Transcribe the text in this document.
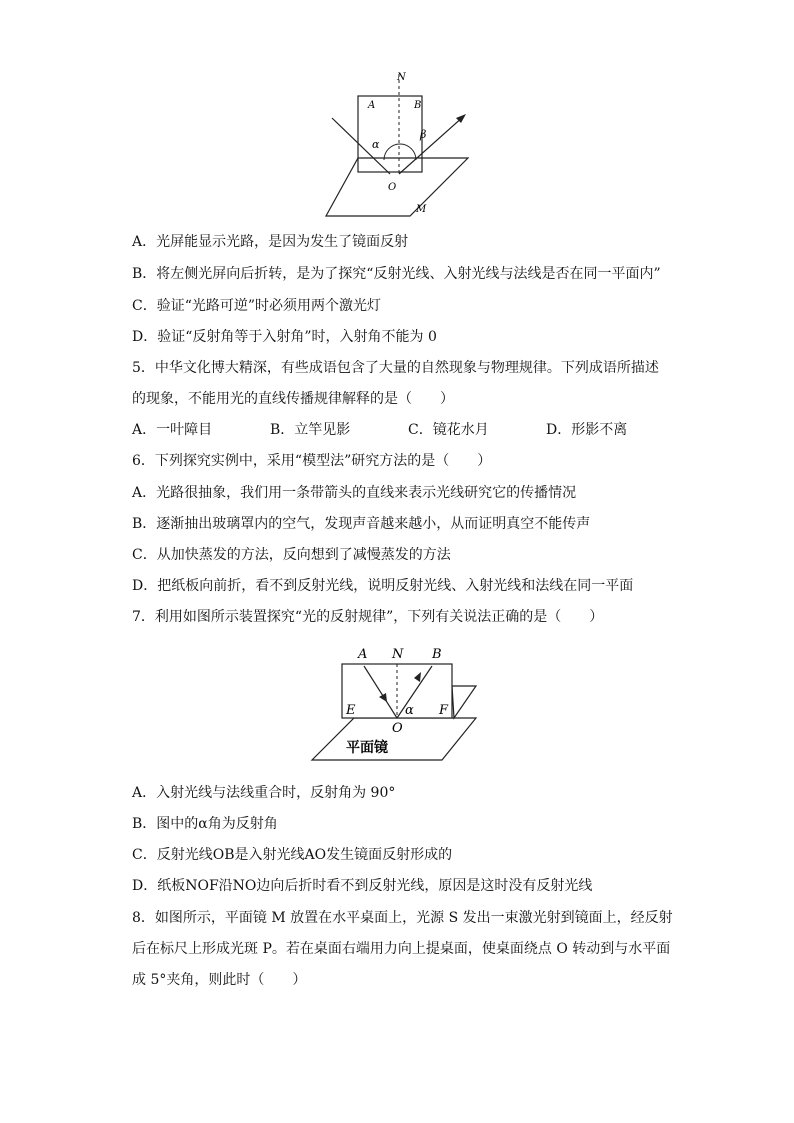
N
A	B
α
β
O
M
A．光屏能显示光路，是因为发生了镜面反射
B．将左侧光屏向后折转，是为了探究“反射光线、入射光线与法线是否在同一平面内”
C．验证“光路可逆”时必须用两个激光灯
D．验证“反射角等于入射角”时，入射角不能为 0
5．中华文化博大精深，有些成语包含了大量的自然现象与物理规律。下列成语所描述
的现象，不能用光的直线传播规律解释的是（　　）
A．一叶障目	B．立竿见影	C．镜花水月	D．形影不离
6．下列探究实例中，采用“模型法”研究方法的是（　　）
A．光路很抽象，我们用一条带箭头的直线来表示光线研究它的传播情况
B．逐渐抽出玻璃罩内的空气，发现声音越来越小，从而证明真空不能传声
C．从加快蒸发的方法，反向想到了减慢蒸发的方法
D．把纸板向前折，看不到反射光线，说明反射光线、入射光线和法线在同一平面
7．利用如图所示装置探究“光的反射规律”，下列有关说法正确的是（　　）
A N B
E	α F
O
平面镜
A．入射光线与法线重合时，反射角为 90°
B．图中的α角为反射角
C．反射光线OB是入射光线AO发生镜面反射形成的
D．纸板NOF沿NO边向后折时看不到反射光线，原因是这时没有反射光线
8．如图所示，平面镜 M 放置在水平桌面上，光源 S 发出一束激光射到镜面上，经反射
后在标尺上形成光斑 P。若在桌面右端用力向上提桌面，使桌面绕点 O 转动到与水平面
成 5°夹角，则此时（　　）
